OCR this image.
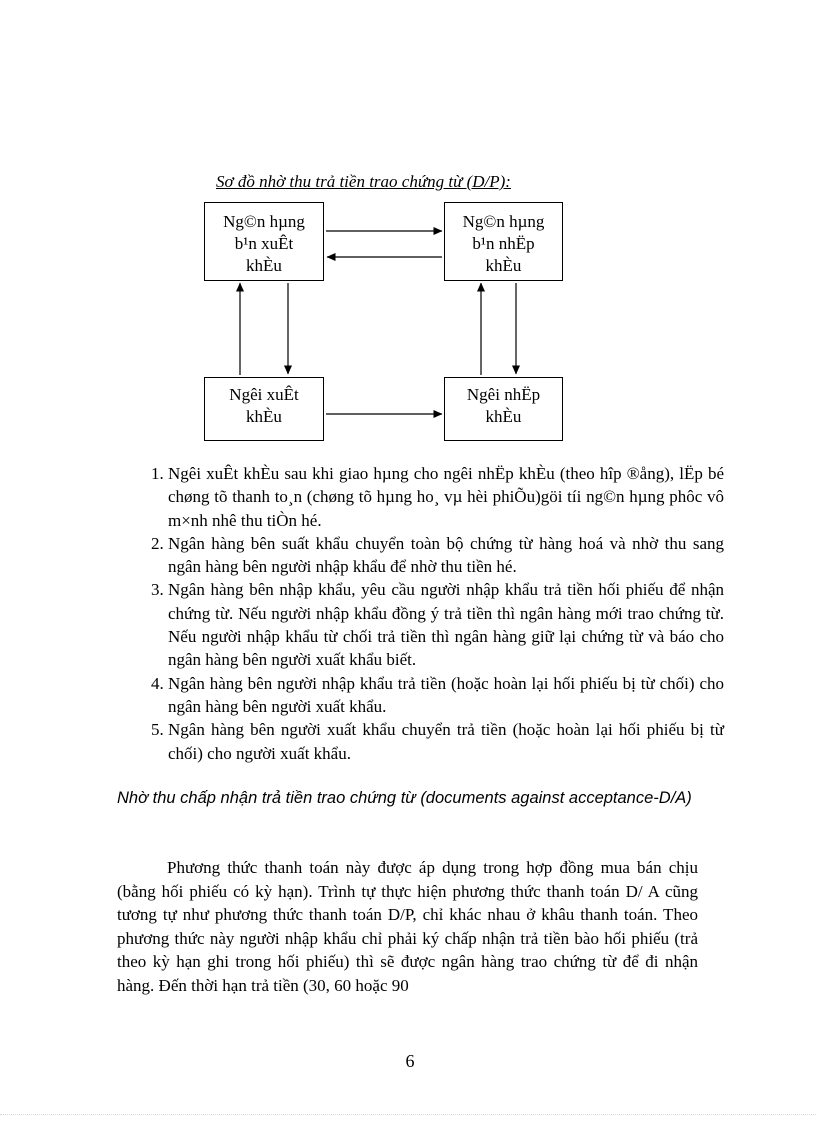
Sơ đồ nhờ thu trả tiền trao chứng từ (D/P):
Ng©n hµng
b¹n xuÊt
khÈu
Ng©n hµng
b¹n nhËp
khÈu
Ngêi xuÊt
khÈu
Ngêi nhËp
khÈu
1. Ngêi xuÊt khÈu sau khi giao hµng cho ngêi nhËp khÈu (theo hîp ®ång), lËp bé chøng tõ thanh to¸n (chøng tõ hµng ho¸ vµ hèi phiÕu)göi tíi ng©n hµng phôc vô m×nh nhê thu tiÒn hé.
2. Ngân hàng bên suất khẩu chuyển toàn bộ chứng từ hàng hoá và nhờ thu sang ngân hàng bên người nhập khẩu để nhờ thu tiền hé.
3. Ngân hàng bên nhập khẩu, yêu cầu người nhập khẩu trả tiền hối phiếu để nhận chứng từ. Nếu người nhập khẩu đồng ý trả tiền thì ngân hàng mới trao chứng từ. Nếu người nhập khẩu từ chối trả tiền thì ngân hàng giữ lại chứng từ và báo cho ngân hàng bên người xuất khẩu biết.
4. Ngân hàng bên người nhập khẩu trả tiền (hoặc hoàn lại hối phiếu bị từ chối) cho ngân hàng bên người xuất khẩu.
5. Ngân hàng bên người xuất khẩu chuyển trả tiền (hoặc hoàn lại hối phiếu bị từ chối) cho người xuất khẩu.

Nhờ thu chấp nhận trả tiền trao chứng từ (documents against acceptance-D/A)

Phương thức thanh toán này được áp dụng trong hợp đồng mua bán chịu (bằng hối phiếu có kỳ hạn). Trình tự thực hiện phương thức thanh toán D/ A cũng tương tự như phương thức thanh toán D/P, chỉ khác nhau ở khâu thanh toán. Theo phương thức này người nhập khẩu chỉ phải ký chấp nhận trả tiền bào hối phiếu (trả theo kỳ hạn ghi trong hối phiếu) thì sẽ được ngân hàng trao chứng từ để đi nhận hàng. Đến thời hạn trả tiền (30, 60 hoặc 90

6
